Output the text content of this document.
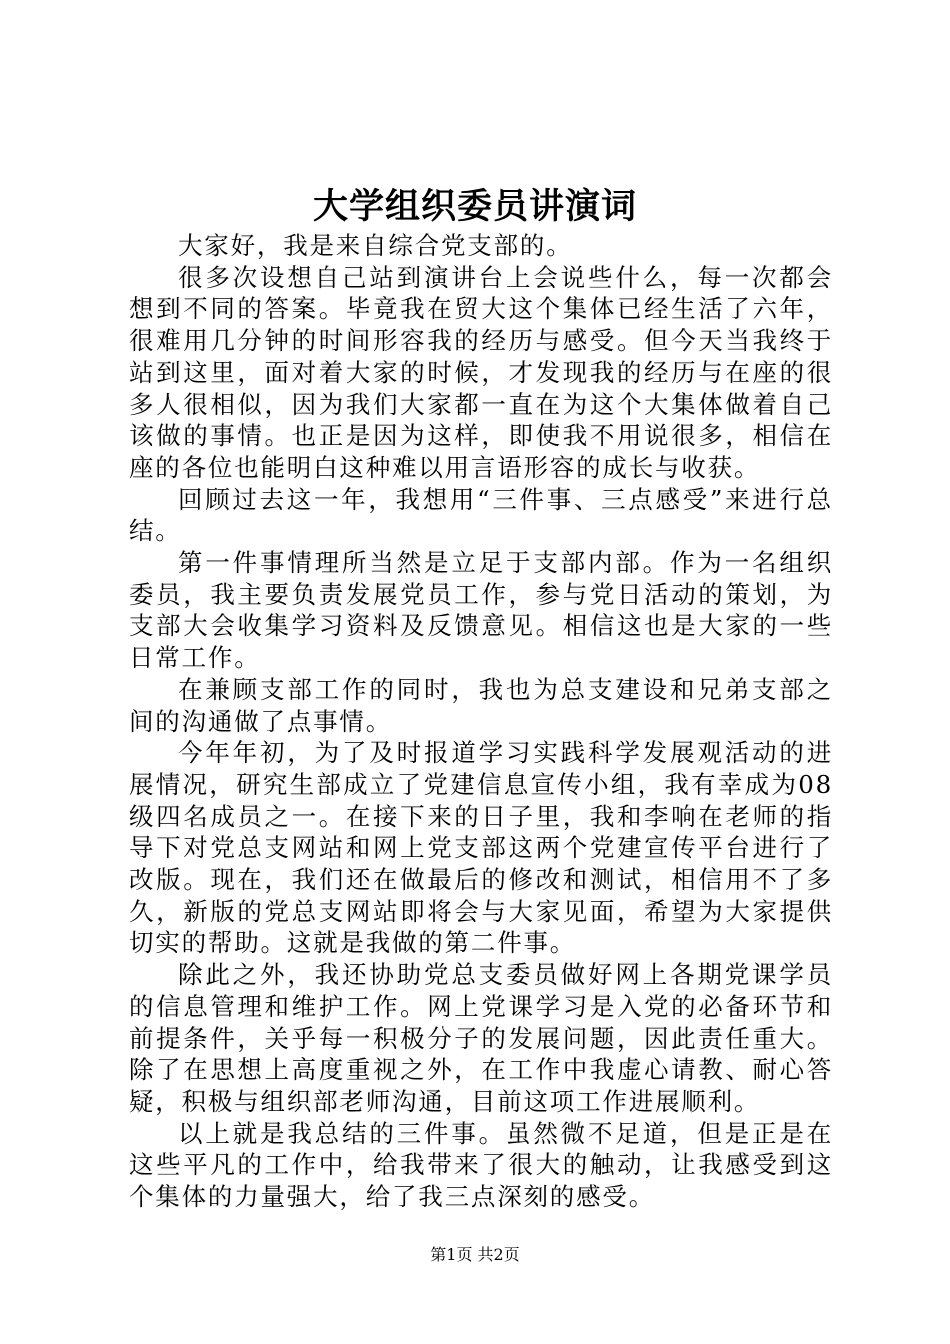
大学组织委员讲演词

大家好，我是来自综合党支部的。

很多次设想自己站到演讲台上会说些什么，每一次都会想到不同的答案。毕竟我在贸大这个集体已经生活了六年，很难用几分钟的时间形容我的经历与感受。但今天当我终于站到这里，面对着大家的时候，才发现我的经历与在座的很多人很相似，因为我们大家都一直在为这个大集体做着自己该做的事情。也正是因为这样，即使我不用说很多，相信在座的各位也能明白这种难以用言语形容的成长与收获。

回顾过去这一年，我想用“三件事、三点感受”来进行总结。

第一件事情理所当然是立足于支部内部。作为一名组织委员，我主要负责发展党员工作，参与党日活动的策划，为支部大会收集学习资料及反馈意见。相信这也是大家的一些日常工作。

在兼顾支部工作的同时，我也为总支建设和兄弟支部之间的沟通做了点事情。

今年年初，为了及时报道学习实践科学发展观活动的进展情况，研究生部成立了党建信息宣传小组，我有幸成为08级四名成员之一。在接下来的日子里，我和李响在老师的指导下对党总支网站和网上党支部这两个党建宣传平台进行了改版。现在，我们还在做最后的修改和测试，相信用不了多久，新版的党总支网站即将会与大家见面，希望为大家提供切实的帮助。这就是我做的第二件事。

除此之外，我还协助党总支委员做好网上各期党课学员的信息管理和维护工作。网上党课学习是入党的必备环节和前提条件，关乎每一积极分子的发展问题，因此责任重大。除了在思想上高度重视之外，在工作中我虚心请教、耐心答疑，积极与组织部老师沟通，目前这项工作进展顺利。

以上就是我总结的三件事。虽然微不足道，但是正是在这些平凡的工作中，给我带来了很大的触动，让我感受到这个集体的力量强大，给了我三点深刻的感受。

第1页 共2页
